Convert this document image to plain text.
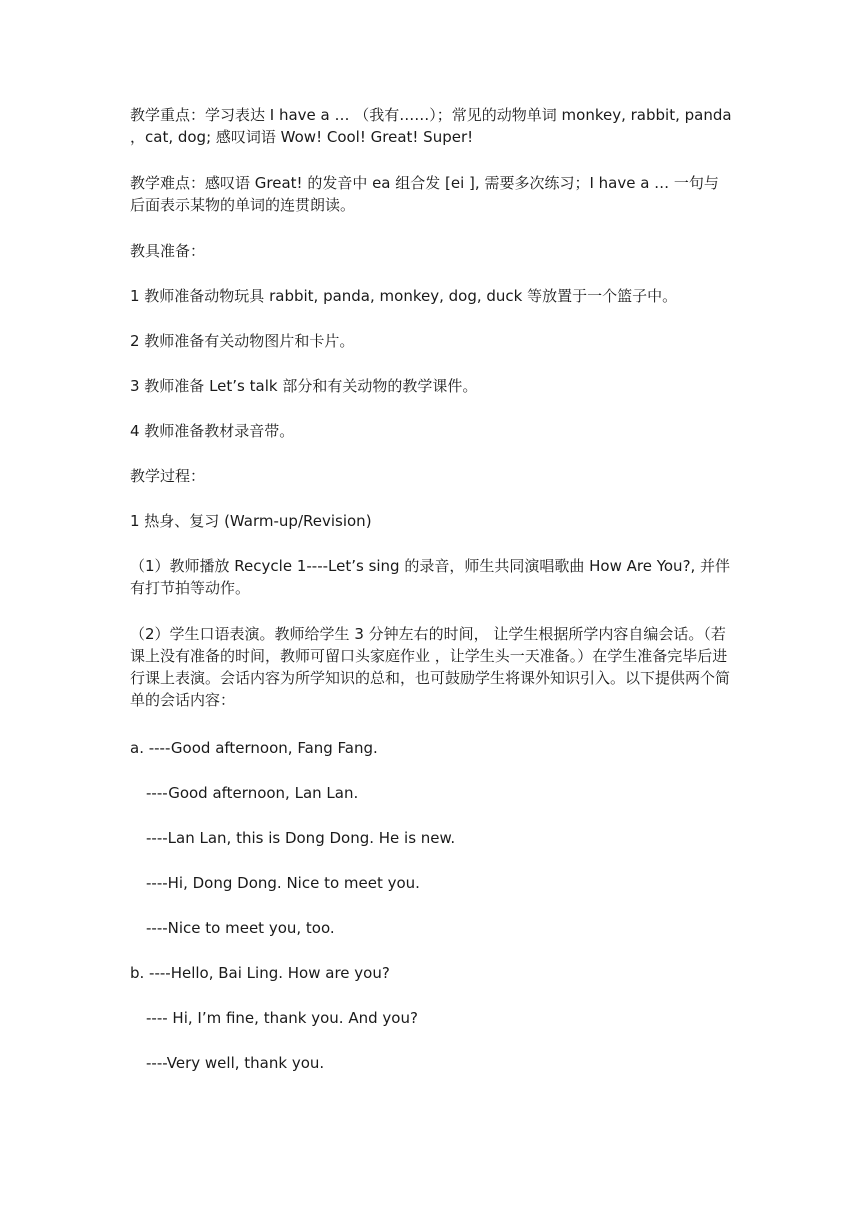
教学重点：学习表达 I have a … （我有……）；常见的动物单词 monkey, rabbit, panda ，cat, dog; 感叹词语 Wow! Cool! Great! Super!
教学难点：感叹语 Great! 的发音中 ea 组合发 [ei ], 需要多次练习；I have a … 一句与后面表示某物的单词的连贯朗读。
教具准备：
1 教师准备动物玩具 rabbit, panda, monkey, dog, duck 等放置于一个篮子中。
2 教师准备有关动物图片和卡片。
3 教师准备 Let’s talk 部分和有关动物的教学课件。
4 教师准备教材录音带。
教学过程：
1 热身、复习 (Warm-up/Revision)
（1）教师播放 Recycle 1----Let’s sing 的录音，师生共同演唱歌曲 How Are You?, 并伴有打节拍等动作。
（2）学生口语表演。教师给学生 3 分钟左右的时间， 让学生根据所学内容自编会话。（若课上没有准备的时间，教师可留口头家庭作业 ，让学生头一天准备。）在学生准备完毕后进行课上表演。会话内容为所学知识的总和，也可鼓励学生将课外知识引入。以下提供两个简单的会话内容：
a. ----Good afternoon, Fang Fang.
----Good afternoon, Lan Lan.
----Lan Lan, this is Dong Dong. He is new.
----Hi, Dong Dong. Nice to meet you.
----Nice to meet you, too.
b. ----Hello, Bai Ling. How are you?
---- Hi, I’m fine, thank you. And you?
----Very well, thank you.
